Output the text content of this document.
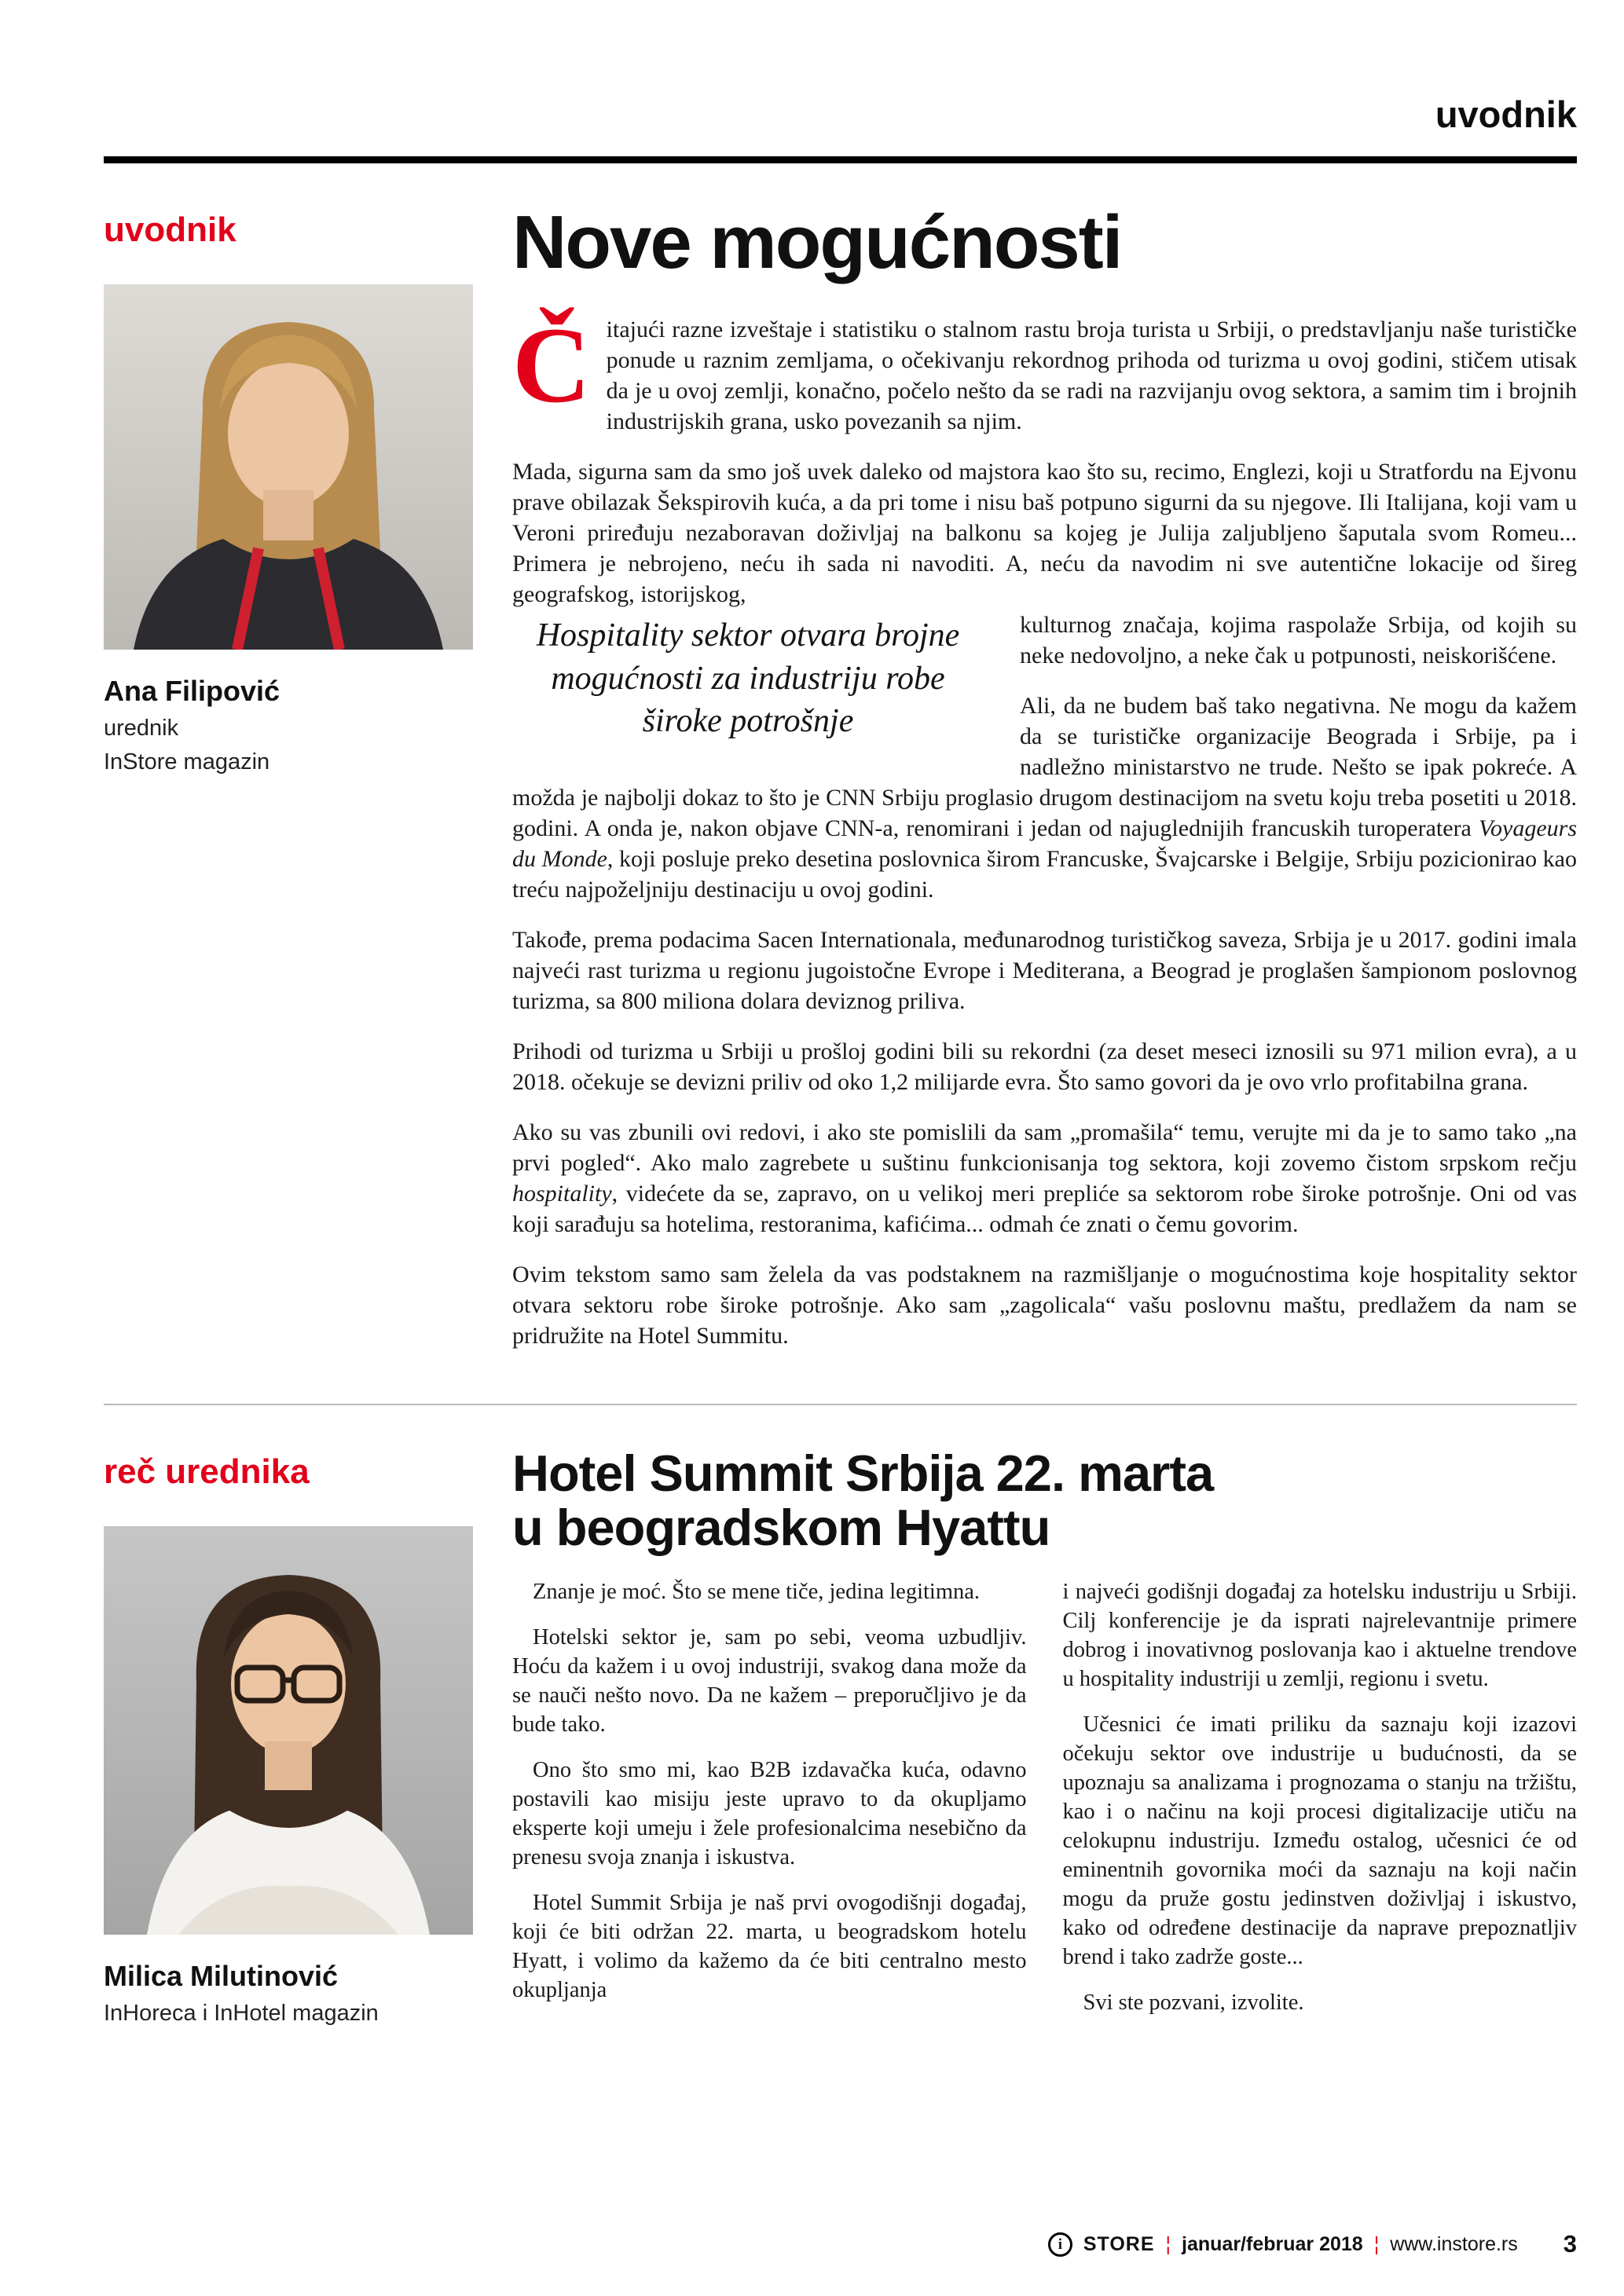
uvodnik
uvodnik
Ana Filipović
urednik
InStore magazin
Nove mogućnosti

Čitajući razne izveštaje i statistiku o stalnom rastu broja turista u Srbiji, o predstavljanju naše turističke ponude u raznim zemljama, o očekivanju rekordnog prihoda od turizma u ovoj godini, stičem utisak da je u ovoj zemlji, konačno, počelo nešto da se radi na razvijanju ovog sektora, a samim tim i brojnih industrijskih grana, usko povezanih sa njim.

Mada, sigurna sam da smo još uvek daleko od majstora kao što su, recimo, Englezi, koji u Stratfordu na Ejvonu prave obilazak Šekspirovih kuća, a da pri tome i nisu baš potpuno sigurni da su njegove. Ili Italijana, koji vam u Veroni priređuju nezaboravan doživljaj na balkonu sa kojeg je Julija zaljubljeno šaputala svom Romeu... Primera je nebrojeno, neću ih sada ni navoditi. A, neću da navodim ni sve autentične lokacije od šireg geografskog, istorijskog,

Hospitality sektor otvara brojne mogućnosti za industriju robe široke potrošnje

kulturnog značaja, kojima raspolaže Srbija, od kojih su neke nedovoljno, a neke čak u potpunosti, neiskorišćene.

Ali, da ne budem baš tako negativna. Ne mogu da kažem da se turističke organizacije Beograda i Srbije, pa i nadležno ministarstvo ne trude. Nešto se ipak pokreće. A možda je najbolji dokaz to što je CNN Srbiju proglasio drugom destinacijom na svetu koju treba posetiti u 2018. godini. A onda je, nakon objave CNN-a, renomirani i jedan od najuglednijih francuskih turoperatera Voyageurs du Monde, koji posluje preko desetina poslovnica širom Francuske, Švajcarske i Belgije, Srbiju pozicionirao kao treću najpoželjniju destinaciju u ovoj godini.

Takođe, prema podacima Sacen Internationala, međunarodnog turističkog saveza, Srbija je u 2017. godini imala najveći rast turizma u regionu jugoistočne Evrope i Mediterana, a Beograd je proglašen šampionom poslovnog turizma, sa 800 miliona dolara deviznog priliva.

Prihodi od turizma u Srbiji u prošloj godini bili su rekordni (za deset meseci iznosili su 971 milion evra), a u 2018. očekuje se devizni priliv od oko 1,2 milijarde evra. Što samo govori da je ovo vrlo profitabilna grana.

Ako su vas zbunili ovi redovi, i ako ste pomislili da sam „promašila“ temu, verujte mi da je to samo tako „na prvi pogled“. Ako malo zagrebete u suštinu funkcionisanja tog sektora, koji zovemo čistom srpskom rečju hospitality, videćete da se, zapravo, on u velikoj meri prepliće sa sektorom robe široke potrošnje. Oni od vas koji sarađuju sa hotelima, restoranima, kafićima... odmah će znati o čemu govorim.

Ovim tekstom samo sam želela da vas podstaknem na razmišljanje o mogućnostima koje hospitality sektor otvara sektoru robe široke potrošnje. Ako sam „zagolicala“ vašu poslovnu maštu, predlažem da nam se pridružite na Hotel Summitu.

reč urednika
Milica Milutinović
InHoreca i InHotel magazin
Hotel Summit Srbija 22. marta
u beogradskom Hyattu

Znanje je moć. Što se mene tiče, jedina legitimna.

Hotelski sektor je, sam po sebi, veoma uzbudljiv. Hoću da kažem i u ovoj industriji, svakog dana može da se nauči nešto novo. Da ne kažem – preporučljivo je da bude tako.

Ono što smo mi, kao B2B izdavačka kuća, odavno postavili kao misiju jeste upravo to da okupljamo eksperte koji umeju i žele profesionalcima nesebično da prenesu svoja znanja i iskustva.

Hotel Summit Srbija je naš prvi ovogodišnji događaj, koji će biti održan 22. marta, u beogradskom hotelu Hyatt, i volimo da kažemo da će biti centralno mesto okupljanja

i najveći godišnji događaj za hotelsku industriju u Srbiji. Cilj konferencije je da isprati najrelevantnije primere dobrog i inovativnog poslovanja kao i aktuelne trendove u hospitality industriji u zemlji, regionu i svetu.

Učesnici će imati priliku da saznaju koji izazovi očekuju sektor ove industrije u budućnosti, da se upoznaju sa analizama i prognozama o stanju na tržištu, kao i o načinu na koji procesi digitalizacije utiču na celokupnu industriju. Između ostalog, učesnici će od eminentnih govornika moći da saznaju na koji način mogu da pruže gostu jedinstven doživljaj i iskustvo, kako od određene destinacije da naprave prepoznatljiv brend i tako zadrže goste...

Svi ste pozvani, izvolite.

i	STORE ¦ januar/februar 2018 ¦ www.instore.rs 3
